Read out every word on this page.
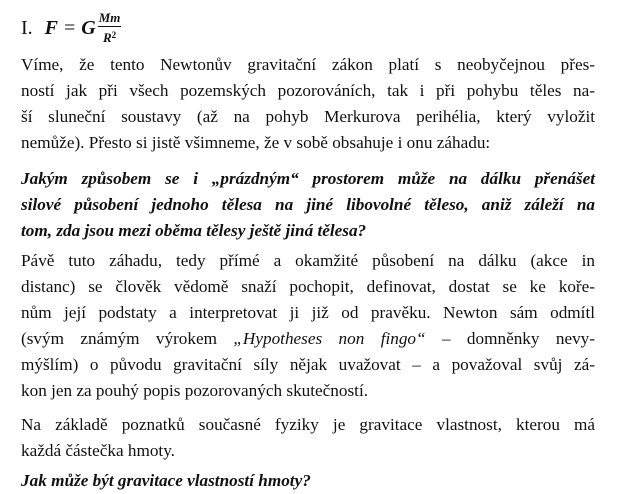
I. F = G $\frac{Mm}{R^2}$

Víme, že tento Newtonův gravitační zákon platí s neobyčejnou přes-
ností jak při všech pozemských pozorováních, tak i při pohybu těles na-
ší sluneční soustavy (až na pohyb Merkurova perihélia, který vyložit
nemůže). Přesto si jistě všimneme, že v sobě obsahuje i onu záhadu:

Jakým způsobem se i „prázdným“ prostorem může na dálku přenášet
silové působení jednoho tělesa na jiné libovolné těleso, aniž záleží na
tom, zda jsou mezi oběma tělesy ještě jiná tělesa?

Pávě tuto záhadu, tedy přímé a okamžité působení na dálku (akce in
distanc) se člověk vědomě snaží pochopit, definovat, dostat se ke koře-
nům její podstaty a interpretovat ji již od pravěku. Newton sám odmítl
(svým známým výrokem „Hypotheses non fingo“ – domněnky nevy-
mýšlím) o původu gravitační síly nějak uvažovat – a považoval svůj zá-
kon jen za pouhý popis pozorovaných skutečností.

Na základě poznatků současné fyziky je gravitace vlastnost, kterou má
každá částečka hmoty.

Jak může být gravitace vlastností hmoty?
